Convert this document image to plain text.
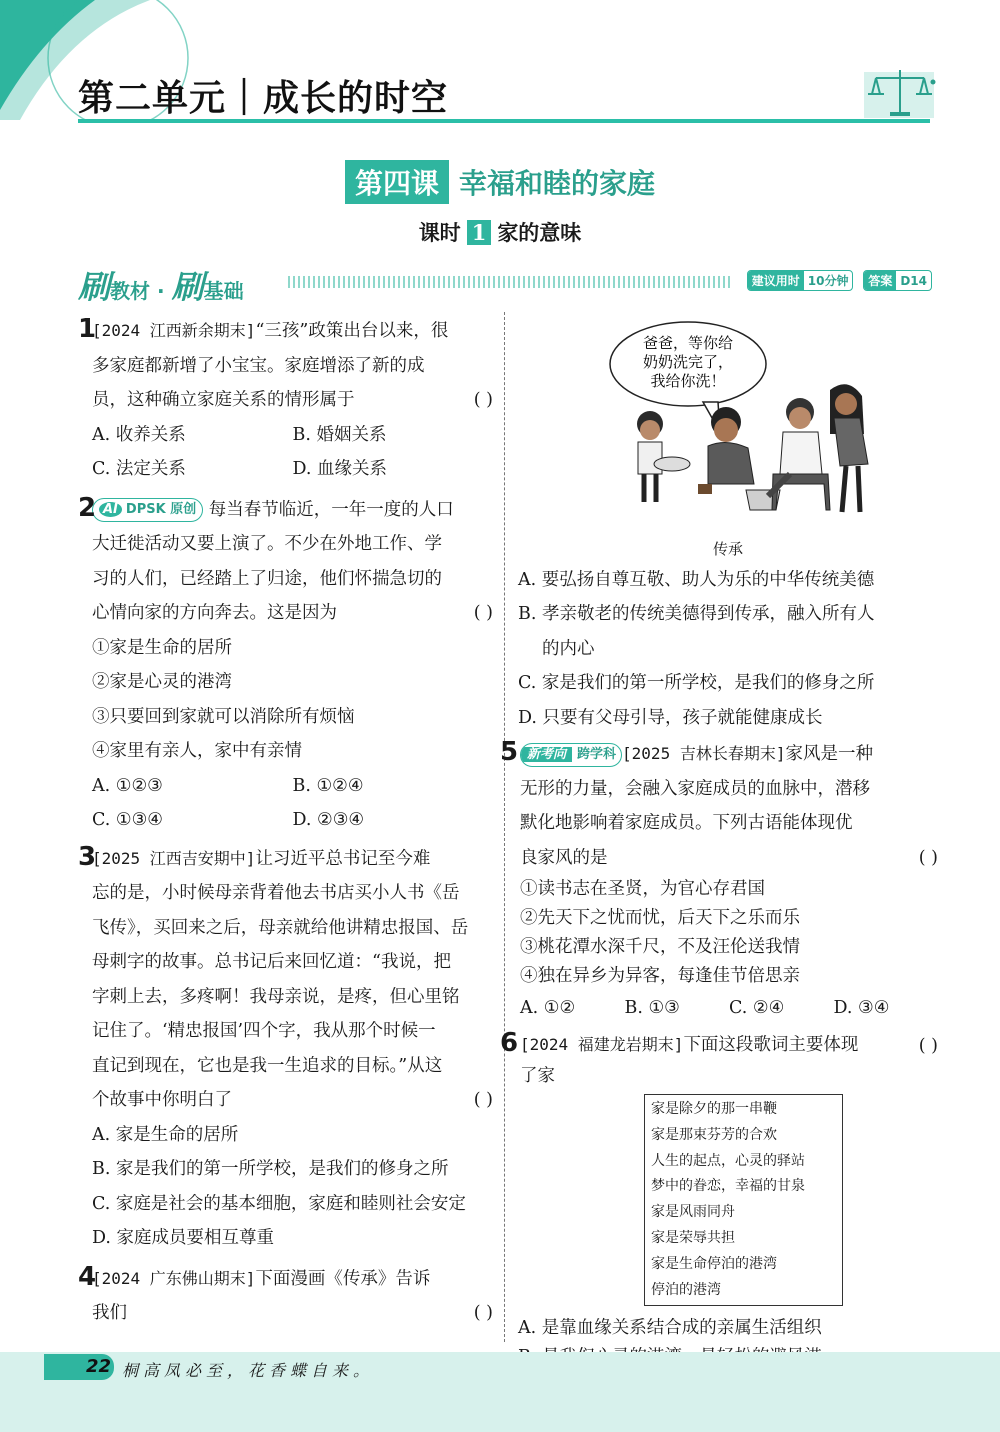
第二单元｜成长的时空
第四课 幸福和睦的家庭
课时 1 家的意味
刷教材 · 刷基础	建议用时 10分钟 答案 D14
1
[2024 江西新余期末]“三孩”政策出台以来，很
多家庭都新增了小宝宝。家庭增添了新的成
员，这种确立家庭关系的情形属于	( )
A. 收养关系	B. 婚姻关系
C. 法定关系	D. 血缘关系
2 AI DPSK 原创 每当春节临近，一年一度的人口
大迁徙活动又要上演了。不少在外地工作、学
习的人们，已经踏上了归途，他们怀揣急切的
心情向家的方向奔去。这是因为	( )
①家是生命的居所
②家是心灵的港湾
③只要回到家就可以消除所有烦恼
④家里有亲人，家中有亲情
A. ①②③	B. ①②④
C. ①③④	D. ②③④
3
[2025 江西吉安期中]让习近平总书记至今难
忘的是，小时候母亲背着他去书店买小人书《岳
飞传》，买回来之后，母亲就给他讲精忠报国、岳
母刺字的故事。总书记后来回忆道：“我说，把
字刺上去，多疼啊！我母亲说，是疼，但心里铭
记住了。‘精忠报国’四个字，我从那个时候一
直记到现在，它也是我一生追求的目标。”从这
个故事中你明白了	( )
A. 家是生命的居所
B. 家是我们的第一所学校，是我们的修身之所
C. 家庭是社会的基本细胞，家庭和睦则社会安定
D. 家庭成员要相互尊重
4
[2024 广东佛山期末]下面漫画《传承》告诉
我们	( )
爸爸，等你给
奶奶洗完了，
我给你洗！
传承
A. 要弘扬自尊互敬、助人为乐的中华传统美德
B. 孝亲敬老的传统美德得到传承，融入所有人
的内心
C. 家是我们的第一所学校，是我们的修身之所
D. 只要有父母引导，孩子就能健康成长
5 新考向 跨学科 [2025 吉林长春期末]家风是一种
无形的力量，会融入家庭成员的血脉中，潜移
默化地影响着家庭成员。下列古语能体现优
良家风的是	( )
①读书志在圣贤，为官心存君国
②先天下之忧而忧，后天下之乐而乐
③桃花潭水深千尺，不及汪伦送我情
④独在异乡为异客，每逢佳节倍思亲
A. ①②	B. ①③	C. ②④	D. ③④
6 [2024 福建龙岩期末]下面这段歌词主要体现
了家
( )
家是除夕的那一串鞭
家是那束芬芳的合欢
人生的起点，心灵的驿站
梦中的眷恋，幸福的甘泉
家是风雨同舟
家是荣辱共担
家是生命停泊的港湾
停泊的港湾
A. 是靠血缘关系结合成的亲属生活组织
22 桐高凤必至，花香蝶自来。
